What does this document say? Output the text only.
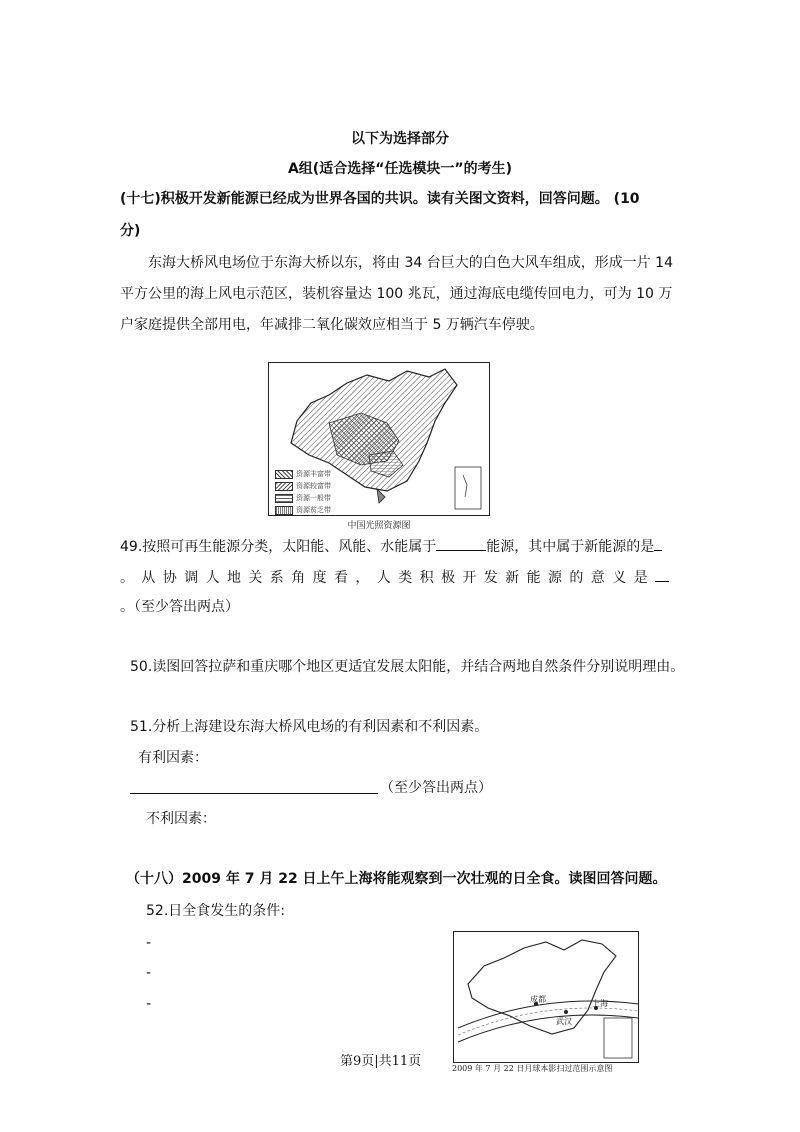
以下为选择部分
A组(适合选择“任选模块一”的考生)
(十七)积极开发新能源已经成为世界各国的共识。读有关图文资料，回答问题。 (10
分)
东海大桥风电场位于东海大桥以东，将由 34 台巨大的白色大风车组成，形成一片 14
平方公里的海上风电示范区，装机容量达 100 兆瓦，通过海底电缆传回电力，可为 10 万
户家庭提供全部用电，年减排二氧化碳效应相当于 5 万辆汽车停驶。
资源丰富带
资源较富带
资源一般带
资源贫乏带
中国光照资源图
49.按照可再生能源分类，太阳能、风能、水能属于	能源，其中属于新能源的是
。从协调人地关系角度看，人类积极开发新能源的意义是
。（至少答出两点）
50.读图回答拉萨和重庆哪个地区更适宜发展太阳能，并结合两地自然条件分别说明理由。
51.分析上海建设东海大桥风电场的有利因素和不利因素。
有利因素：
（至少答出两点）
不利因素：
（十八）2009 年 7 月 22 日上午上海将能观察到一次壮观的日全食。读图回答问题。
52.日全食发生的条件:
-
-
-	成都
武汉
上海
2009 年 7 月 22 日月球本影扫过范围示意图
第9页|共11页
